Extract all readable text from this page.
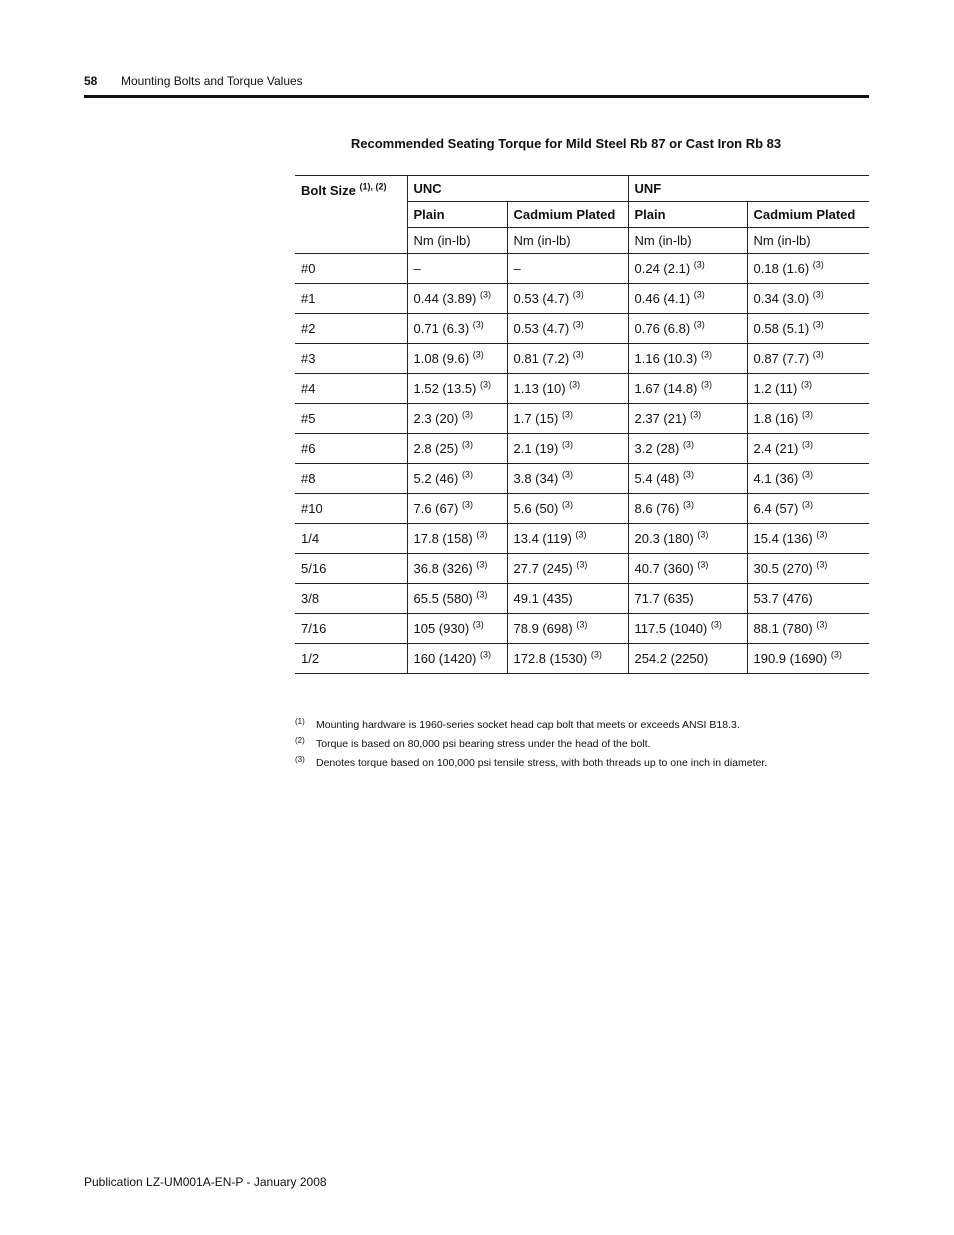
58 Mounting Bolts and Torque Values
Recommended Seating Torque for Mild Steel Rb 87 or Cast Iron Rb 83
Bolt Size $^{(1), (2)}$	UNC		UNF	
	Plain	Cadmium Plated	Plain	Cadmium Plated
	Nm (in-lb)	Nm (in-lb)	Nm (in-lb)	Nm (in-lb)
#0	–	–	0.24 (2.1) $^{(3)}$	0.18 (1.6) $^{(3)}$
#1	0.44 (3.89) $^{(3)}$	0.53 (4.7) $^{(3)}$	0.46 (4.1) $^{(3)}$	0.34 (3.0) $^{(3)}$
#2	0.71 (6.3) $^{(3)}$	0.53 (4.7) $^{(3)}$	0.76 (6.8) $^{(3)}$	0.58 (5.1) $^{(3)}$
#3	1.08 (9.6) $^{(3)}$	0.81 (7.2) $^{(3)}$	1.16 (10.3) $^{(3)}$	0.87 (7.7) $^{(3)}$
#4	1.52 (13.5) $^{(3)}$	1.13 (10) $^{(3)}$	1.67 (14.8) $^{(3)}$	1.2 (11) $^{(3)}$
#5	2.3 (20) $^{(3)}$	1.7 (15) $^{(3)}$	2.37 (21) $^{(3)}$	1.8 (16) $^{(3)}$
#6	2.8 (25) $^{(3)}$	2.1 (19) $^{(3)}$	3.2 (28) $^{(3)}$	2.4 (21) $^{(3)}$
#8	5.2 (46) $^{(3)}$	3.8 (34) $^{(3)}$	5.4 (48) $^{(3)}$	4.1 (36) $^{(3)}$
#10	7.6 (67) $^{(3)}$	5.6 (50) $^{(3)}$	8.6 (76) $^{(3)}$	6.4 (57) $^{(3)}$
1/4	17.8 (158) $^{(3)}$	13.4 (119) $^{(3)}$	20.3 (180) $^{(3)}$	15.4 (136) $^{(3)}$
5/16	36.8 (326) $^{(3)}$	27.7 (245) $^{(3)}$	40.7 (360) $^{(3)}$	30.5 (270) $^{(3)}$
3/8	65.5 (580) $^{(3)}$	49.1 (435)	71.7 (635)	53.7 (476)
7/16	105 (930) $^{(3)}$	78.9 (698) $^{(3)}$	117.5 (1040) $^{(3)}$	88.1 (780) $^{(3)}$
1/2	160 (1420) $^{(3)}$	172.8 (1530) $^{(3)}$	254.2 (2250)	190.9 (1690) $^{(3)}$
(1) Mounting hardware is 1960-series socket head cap bolt that meets or exceeds ANSI B18.3.
(2) Torque is based on 80,000 psi bearing stress under the head of the bolt.
(3) Denotes torque based on 100,000 psi tensile stress, with both threads up to one inch in diameter.
Publication LZ-UM001A-EN-P - January 2008
